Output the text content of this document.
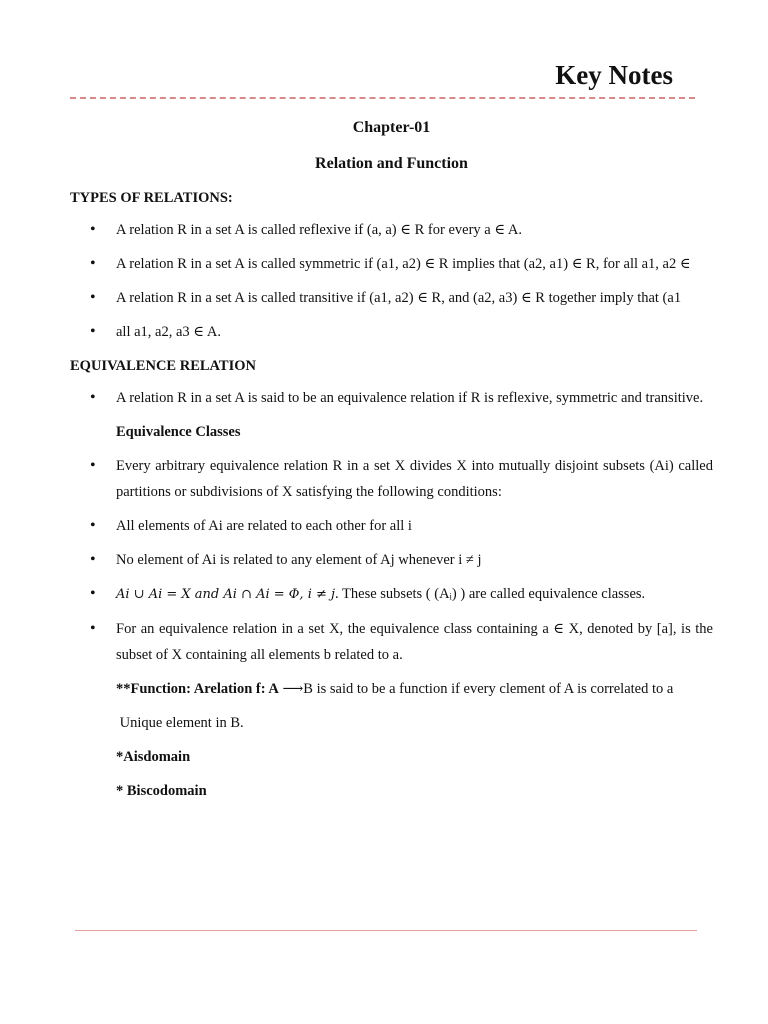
Key Notes

Chapter-01

Relation and Function

TYPES OF RELATIONS:

• A relation R in a set A is called reflexive if (a, a) ∈ R for every a ∈ A.
• A relation R in a set A is called symmetric if (a1, a2) ∈ R implies that (a2, a1) ∈ R, for all a1, a2 ∈
• A relation R in a set A is called transitive if (a1, a2) ∈ R, and (a2, a3) ∈ R together imply that (a1
• all a1, a2, a3 ∈ A.

EQUIVALENCE RELATION

• A relation R in a set A is said to be an equivalence relation if R is reflexive, symmetric and transitive.

Equivalence Classes

• Every arbitrary equivalence relation R in a set X divides X into mutually disjoint subsets (Ai) called partitions or subdivisions of X satisfying the following conditions:
• All elements of Ai are related to each other for all i
• No element of Ai is related to any element of Aj whenever i ≠ j
• Ai ∪ Ai = X and Ai ∩ Ai = Φ, i ≠ j. These subsets ( (Aᵢ) ) are called equivalence classes.
• For an equivalence relation in a set X, the equivalence class containing a ∈ X, denoted by [a], is the subset of X containing all elements b related to a.

**Function: Arelation f: A ⟶B is said to be a function if every clement of A is correlated to a

Unique element in B.

*Aisdomain

* Biscodomain
